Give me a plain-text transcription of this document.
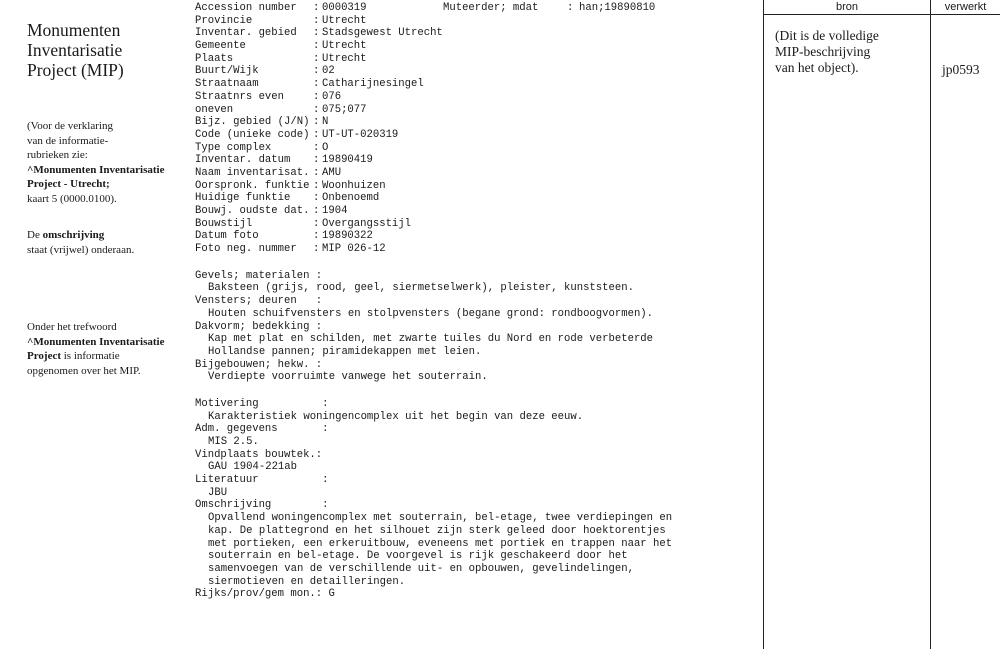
Monumenten
Inventarisatie
Project (MIP)
(Voor de verklaring
van de informatie-
rubrieken zie:
^Monumenten Inventarisatie
Project - Utrecht;
kaart 5 (0000.0100).
De omschrijving
staat (vrijwel) onderaan.
Onder het trefwoord
^Monumenten Inventarisatie
Project is informatie
opgenomen over het MIP.
Accession number : 0000319	Muteerder; mdat	: han;19890810
Provincie	: Utrecht
Inventar. gebied : Stadsgewest Utrecht
Gemeente	: Utrecht
Plaats	: Utrecht
Buurt/Wijk	: 02
Straatnaam	: Catharijnesingel
Straatnrs even	: 076
oneven	: 075;077
Bijz. gebied (J/N) : N
Code (unieke code) : UT-UT-020319
Type complex	: O
Inventar. datum : 19890419
Naam inventarisat. : AMU
Oorspronk. funktie : Woonhuizen
Huidige funktie : Onbenoemd
Bouwj. oudste dat. : 1904
Bouwstijl	: Overgangsstijl
Datum foto	: 19890322
Foto neg. nummer : MIP 026-12
Gevels; materialen :
Baksteen (grijs, rood, geel, siermetselwerk), pleister, kunststeen.
Vensters; deuren   :
Houten schuifvensters en stolpvensters (begane grond: rondboogvormen).
Dakvorm; bedekking :
Kap met plat en schilden, met zwarte tuiles du Nord en rode verbeterde
Hollandse pannen; piramidekappen met leien.
Bijgebouwen; hekw. :
Verdiepte voorruimte vanwege het souterrain.
Motivering          :
Karakteristiek woningencomplex uit het begin van deze eeuw.
Adm. gegevens       :
MIS 2.5.
Vindplaats bouwtek.:
GAU 1904-221ab
Literatuur          :
JBU
Omschrijving        :
Opvallend woningencomplex met souterrain, bel-etage, twee verdiepingen en
kap. De plattegrond en het silhouet zijn sterk geleed door hoektorentjes
met portieken, een erkeruitbouw, eveneens met portiek en trappen naar het
souterrain en bel-etage. De voorgevel is rijk geschakeerd door het
samenvoegen van de verschillende uit- en opbouwen, gevelindelingen,
siermotieven en detailleringen.
Rijks/prov/gem mon.: G
bron	verwerkt
(Dit is de volledige
MIP-beschrijving
van het object).	jp0593
